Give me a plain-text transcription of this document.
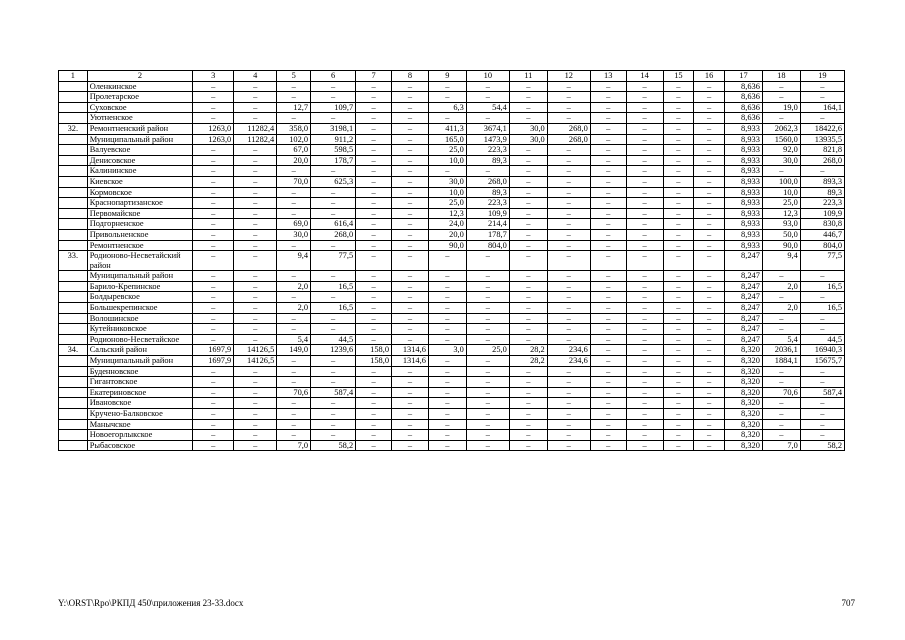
1	2	3	4	5	6	7	8	9	10	11	12	13	14	15	16	17	18	19
	Оленкинское	–	–	–	–	–	–	–	–	–	–	–	–	–	–	8,636	–	–
	Пролетарское	–	–	–	–	–	–	–	–	–	–	–	–	–	–	8,636	–	–
	Суховское	–	–	12,7	109,7	–	–	6,3	54,4	–	–	–	–	–	–	8,636	19,0	164,1
	Уютненское	–	–	–	–	–	–	–	–	–	–	–	–	–	–	8,636	–	–
32.	Ремонтненский район	1263,0	11282,4	358,0	3198,1	–	–	411,3	3674,1	30,0	268,0	–	–	–	–	8,933	2062,3	18422,6
	Муниципальный район	1263,0	11282,4	102,0	911,2	–	–	165,0	1473,9	30,0	268,0	–	–	–	–	8,933	1560,0	13935,5
	Валуевское	–	–	67,0	598,5	–	–	25,0	223,3	–	–	–	–	–	–	8,933	92,0	821,8
	Денисовское	–	–	20,0	178,7	–	–	10,0	89,3	–	–	–	–	–	–	8,933	30,0	268,0
	Калининское	–	–	–	–	–	–	–	–	–	–	–	–	–	–	8,933	–	–
	Киевское	–	–	70,0	625,3	–	–	30,0	268,0	–	–	–	–	–	–	8,933	100,0	893,3
	Кормовское	–	–	–	–	–	–	10,0	89,3	–	–	–	–	–	–	8,933	10,0	89,3
	Краснопартизанское	–	–	–	–	–	–	25,0	223,3	–	–	–	–	–	–	8,933	25,0	223,3
	Первомайское	–	–	–	–	–	–	12,3	109,9	–	–	–	–	–	–	8,933	12,3	109,9
	Подгорненское	–	–	69,0	616,4	–	–	24,0	214,4	–	–	–	–	–	–	8,933	93,0	830,8
	Привольненское	–	–	30,0	268,0	–	–	20,0	178,7	–	–	–	–	–	–	8,933	50,0	446,7
	Ремонтненское	–	–	–	–	–	–	90,0	804,0	–	–	–	–	–	–	8,933	90,0	804,0
33.	Родионово-Несветайский район	–	–	9,4	77,5	–	–	–	–	–	–	–	–	–	–	8,247	9,4	77,5
	Муниципальный район	–	–	–	–	–	–	–	–	–	–	–	–	–	–	8,247	–	–
	Барило-Крепинское	–	–	2,0	16,5	–	–	–	–	–	–	–	–	–	–	8,247	2,0	16,5
	Болдыревское	–	–	–	–	–	–	–	–	–	–	–	–	–	–	8,247	–	–
	Большекрепинское	–	–	2,0	16,5	–	–	–	–	–	–	–	–	–	–	8,247	2,0	16,5
	Волошинское	–	–	–	–	–	–	–	–	–	–	–	–	–	–	8,247	–	–
	Кутейниковское	–	–	–	–	–	–	–	–	–	–	–	–	–	–	8,247	–	–
	Родионово-Несветайское	–	–	5,4	44,5	–	–	–	–	–	–	–	–	–	–	8,247	5,4	44,5
34.	Сальский район	1697,9	14126,5	149,0	1239,6	158,0	1314,6	3,0	25,0	28,2	234,6	–	–	–	–	8,320	2036,1	16940,3
	Муниципальный район	1697,9	14126,5	–	–	158,0	1314,6	–	–	28,2	234,6	–	–	–	–	8,320	1884,1	15675,7
	Буденновское	–	–	–	–	–	–	–	–	–	–	–	–	–	–	8,320	–	–
	Гигантовское	–	–	–	–	–	–	–	–	–	–	–	–	–	–	8,320	–	–
	Екатериновское	–	–	70,6	587,4	–	–	–	–	–	–	–	–	–	–	8,320	70,6	587,4
	Ивановское	–	–	–	–	–	–	–	–	–	–	–	–	–	–	8,320	–	–
	Кручено-Балковское	–	–	–	–	–	–	–	–	–	–	–	–	–	–	8,320	–	–
	Манычское	–	–	–	–	–	–	–	–	–	–	–	–	–	–	8,320	–	–
	Новоегорлыкское	–	–	–	–	–	–	–	–	–	–	–	–	–	–	8,320	–	–
	Рыбасовское	–	–	7,0	58,2	–	–	–	–	–	–	–	–	–	–	8,320	7,0	58,2
Y:\ORST\Rpo\РКПД 450\приложения 23-33.docx	707
